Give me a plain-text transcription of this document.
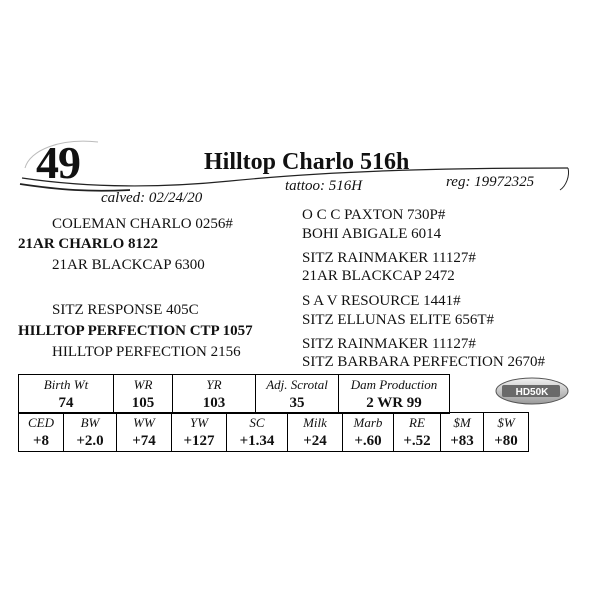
49	Hilltop Charlo 516h
calved: 02/24/20
tattoo: 516H	reg: 19972325
COLEMAN CHARLO 0256#
21AR CHARLO 8122
21AR BLACKCAP 6300
SITZ RESPONSE 405C
HILLTOP PERFECTION CTP 1057
HILLTOP PERFECTION 2156
O C C PAXTON 730P#
BOHI ABIGALE 6014
SITZ RAINMAKER 11127#
21AR BLACKCAP 2472
S A V RESOURCE 1441#
SITZ ELLUNAS ELITE 656T#
SITZ RAINMAKER 11127#
SITZ BARBARA PERFECTION 2670#
Birth Wt	WR	YR	Adj. Scrotal	Dam Production
74	105	103	35	2 WR 99
HD50K
CED	BW	WW	YW	SC	Milk	Marb	RE	$M	$W
+8	+2.0	+74	+127	+1.34	+24	+.60	+.52	+83	+80
